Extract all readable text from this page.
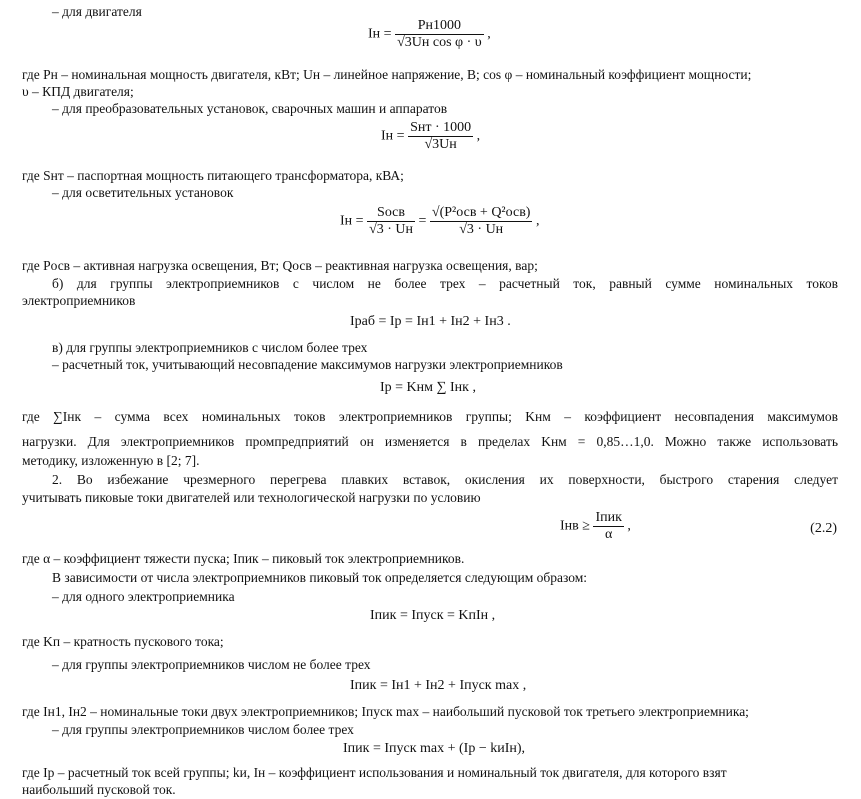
– для двигателя
где Pн – номинальная мощность двигателя, кВт; Uн – линейное напряжение, В; cos φ – номинальный коэффициент мощности;
υ – КПД двигателя;
– для преобразовательных установок, сварочных машин и аппаратов
где Sнт – паспортная мощность питающего трансформатора, кВА;
– для осветительных установок
где Pосв – активная нагрузка освещения, Вт; Qосв – реактивная нагрузка освещения, вар;
б) для группы электроприемников с числом не более трех – расчетный ток, равный сумме номинальных токов
электроприемников
в) для группы электроприемников с числом более трех
– расчетный ток, учитывающий несовпадение максимумов нагрузки электроприемников
где ∑Iнк – сумма всех номинальных токов электроприемников группы; Kнм – коэффициент несовпадения максимумов
нагрузки. Для электроприемников промпредприятий он изменяется в пределах Kнм = 0,85…1,0. Можно также использовать
методику, изложенную в [2; 7].
2. Во избежание чрезмерного перегрева плавких вставок, окисления их поверхности, быстрого старения следует
учитывать пиковые токи двигателей или технологической нагрузки по условию
где α – коэффициент тяжести пуска; Iпик – пиковый ток электроприемников.
В зависимости от числа электроприемников пиковый ток определяется следующим образом:
– для одного электроприемника
где Kп – кратность пускового тока;
– для группы электроприемников числом не более трех
где Iн1, Iн2 – номинальные токи двух электроприемников; Iпуск max – наибольший пусковой ток третьего электроприемника;
– для группы электроприемников числом более трех
где Iр – расчетный ток всей группы; kи, Iн – коэффициент использования и номинальный ток двигателя, для которого взят
наибольший пусковой ток.
Iн = $\frac{Pн1000}{\text{√3Uн cos φ · υ}}$ ,
Iн = $\frac{\text{Sнт · 1000}}{√3Uн}$ ,
Iн = $\frac{\text{Sосв}}{√3 \cdot Uн} = \frac{\text{√(P²осв + Q²осв)}}{√3 \cdot Uн}$ ,
Iраб = Iр = Iн1 + Iн2 + Iн3 .
Iр = Kнм ∑ Iнк ,
Iнв ≥ $\frac{\text{Iпик}}{\alpha}$ ,	(2.2)
Iпик = Iпуск = KпIн ,
Iпик = Iн1 + Iн2 + Iпуск max ,
Iпик = Iпуск max + (Iр − kиIн),
